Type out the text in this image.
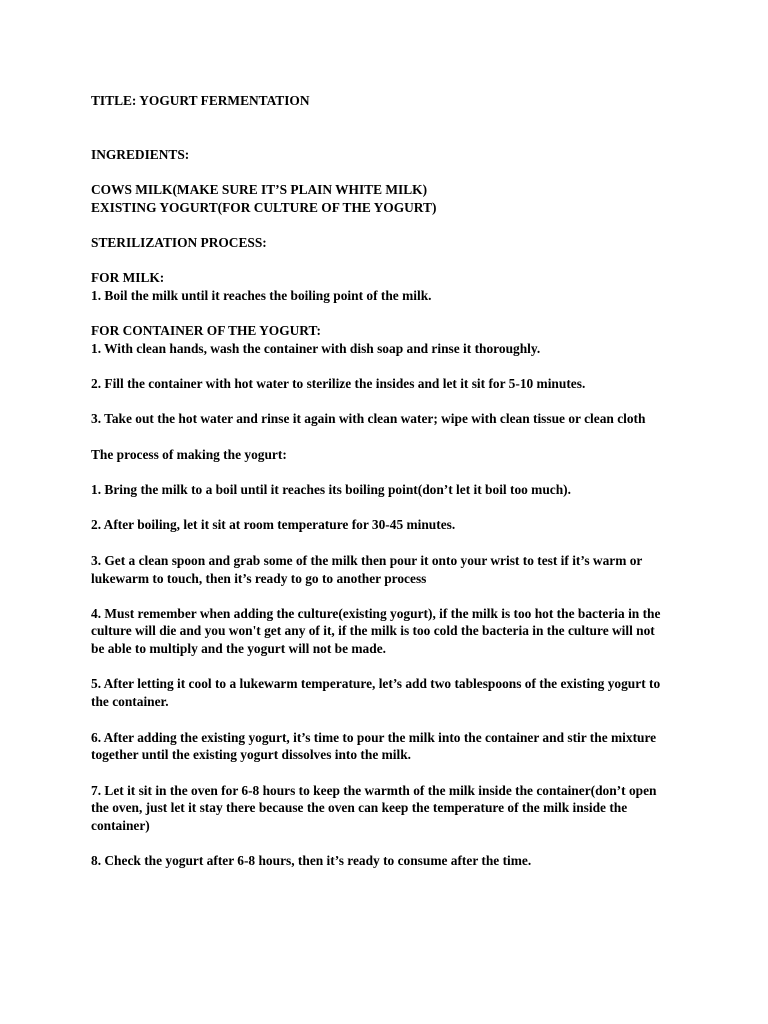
TITLE: YOGURT FERMENTATION
INGREDIENTS:
COWS MILK(MAKE SURE IT’S PLAIN WHITE MILK)
EXISTING YOGURT(FOR CULTURE OF THE YOGURT)
STERILIZATION PROCESS:
FOR MILK:
1. Boil the milk until it reaches the boiling point of the milk.
FOR CONTAINER OF THE YOGURT:
1. With clean hands, wash the container with dish soap and rinse it thoroughly.
2. Fill the container with hot water to sterilize the insides and let it sit for 5-10 minutes.
3. Take out the hot water and rinse it again with clean water; wipe with clean tissue or clean cloth
The process of making the yogurt:
1. Bring the milk to a boil until it reaches its boiling point(don’t let it boil too much).
2. After boiling, let it sit at room temperature for 30-45 minutes.
3. Get a clean spoon and grab some of the milk then pour it onto your wrist to test if it’s warm or
lukewarm to touch, then it’s ready to go to another process
4. Must remember when adding the culture(existing yogurt), if the milk is too hot the bacteria in the
culture will die and you won't get any of it, if the milk is too cold the bacteria in the culture will not
be able to multiply and the yogurt will not be made.
5. After letting it cool to a lukewarm temperature, let’s add two tablespoons of the existing yogurt to
the container.
6. After adding the existing yogurt, it’s time to pour the milk into the container and stir the mixture
together until the existing yogurt dissolves into the milk.
7. Let it sit in the oven for 6-8 hours to keep the warmth of the milk inside the container(don’t open
the oven, just let it stay there because the oven can keep the temperature of the milk inside the
container)
8. Check the yogurt after 6-8 hours, then it’s ready to consume after the time.
